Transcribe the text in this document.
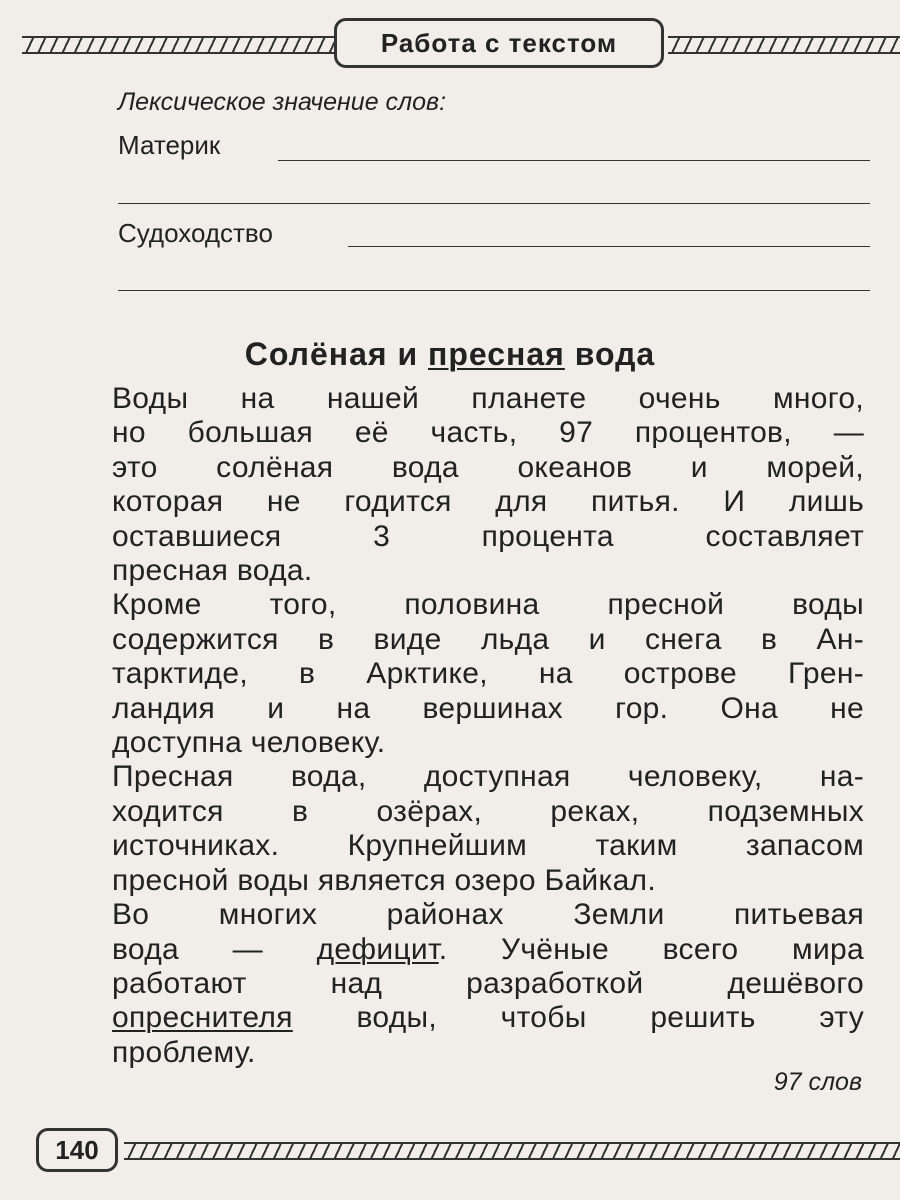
Работа с текстом
Лексическое значение слов:
Материк
Судоходство
Солёная и пресная вода
Воды на нашей планете очень много,
но большая её часть, 97 процентов, —
это солёная вода океанов и морей,
которая не годится для питья. И лишь
оставшиеся 3 процента составляет
пресная вода.
Кроме того, половина пресной воды
содержится в виде льда и снега в Ан-
тарктиде, в Арктике, на острове Грен-
ландия и на вершинах гор. Она не
доступна человеку.
Пресная вода, доступная человеку, на-
ходится в озёрах, реках, подземных
источниках. Крупнейшим таким запасом
пресной воды является озеро Байкал.
Во многих районах Земли питьевая
вода — дефицит. Учёные всего мира
работают над разработкой дешёвого
опреснителя воды, чтобы решить эту
проблему.
97 слов
140
